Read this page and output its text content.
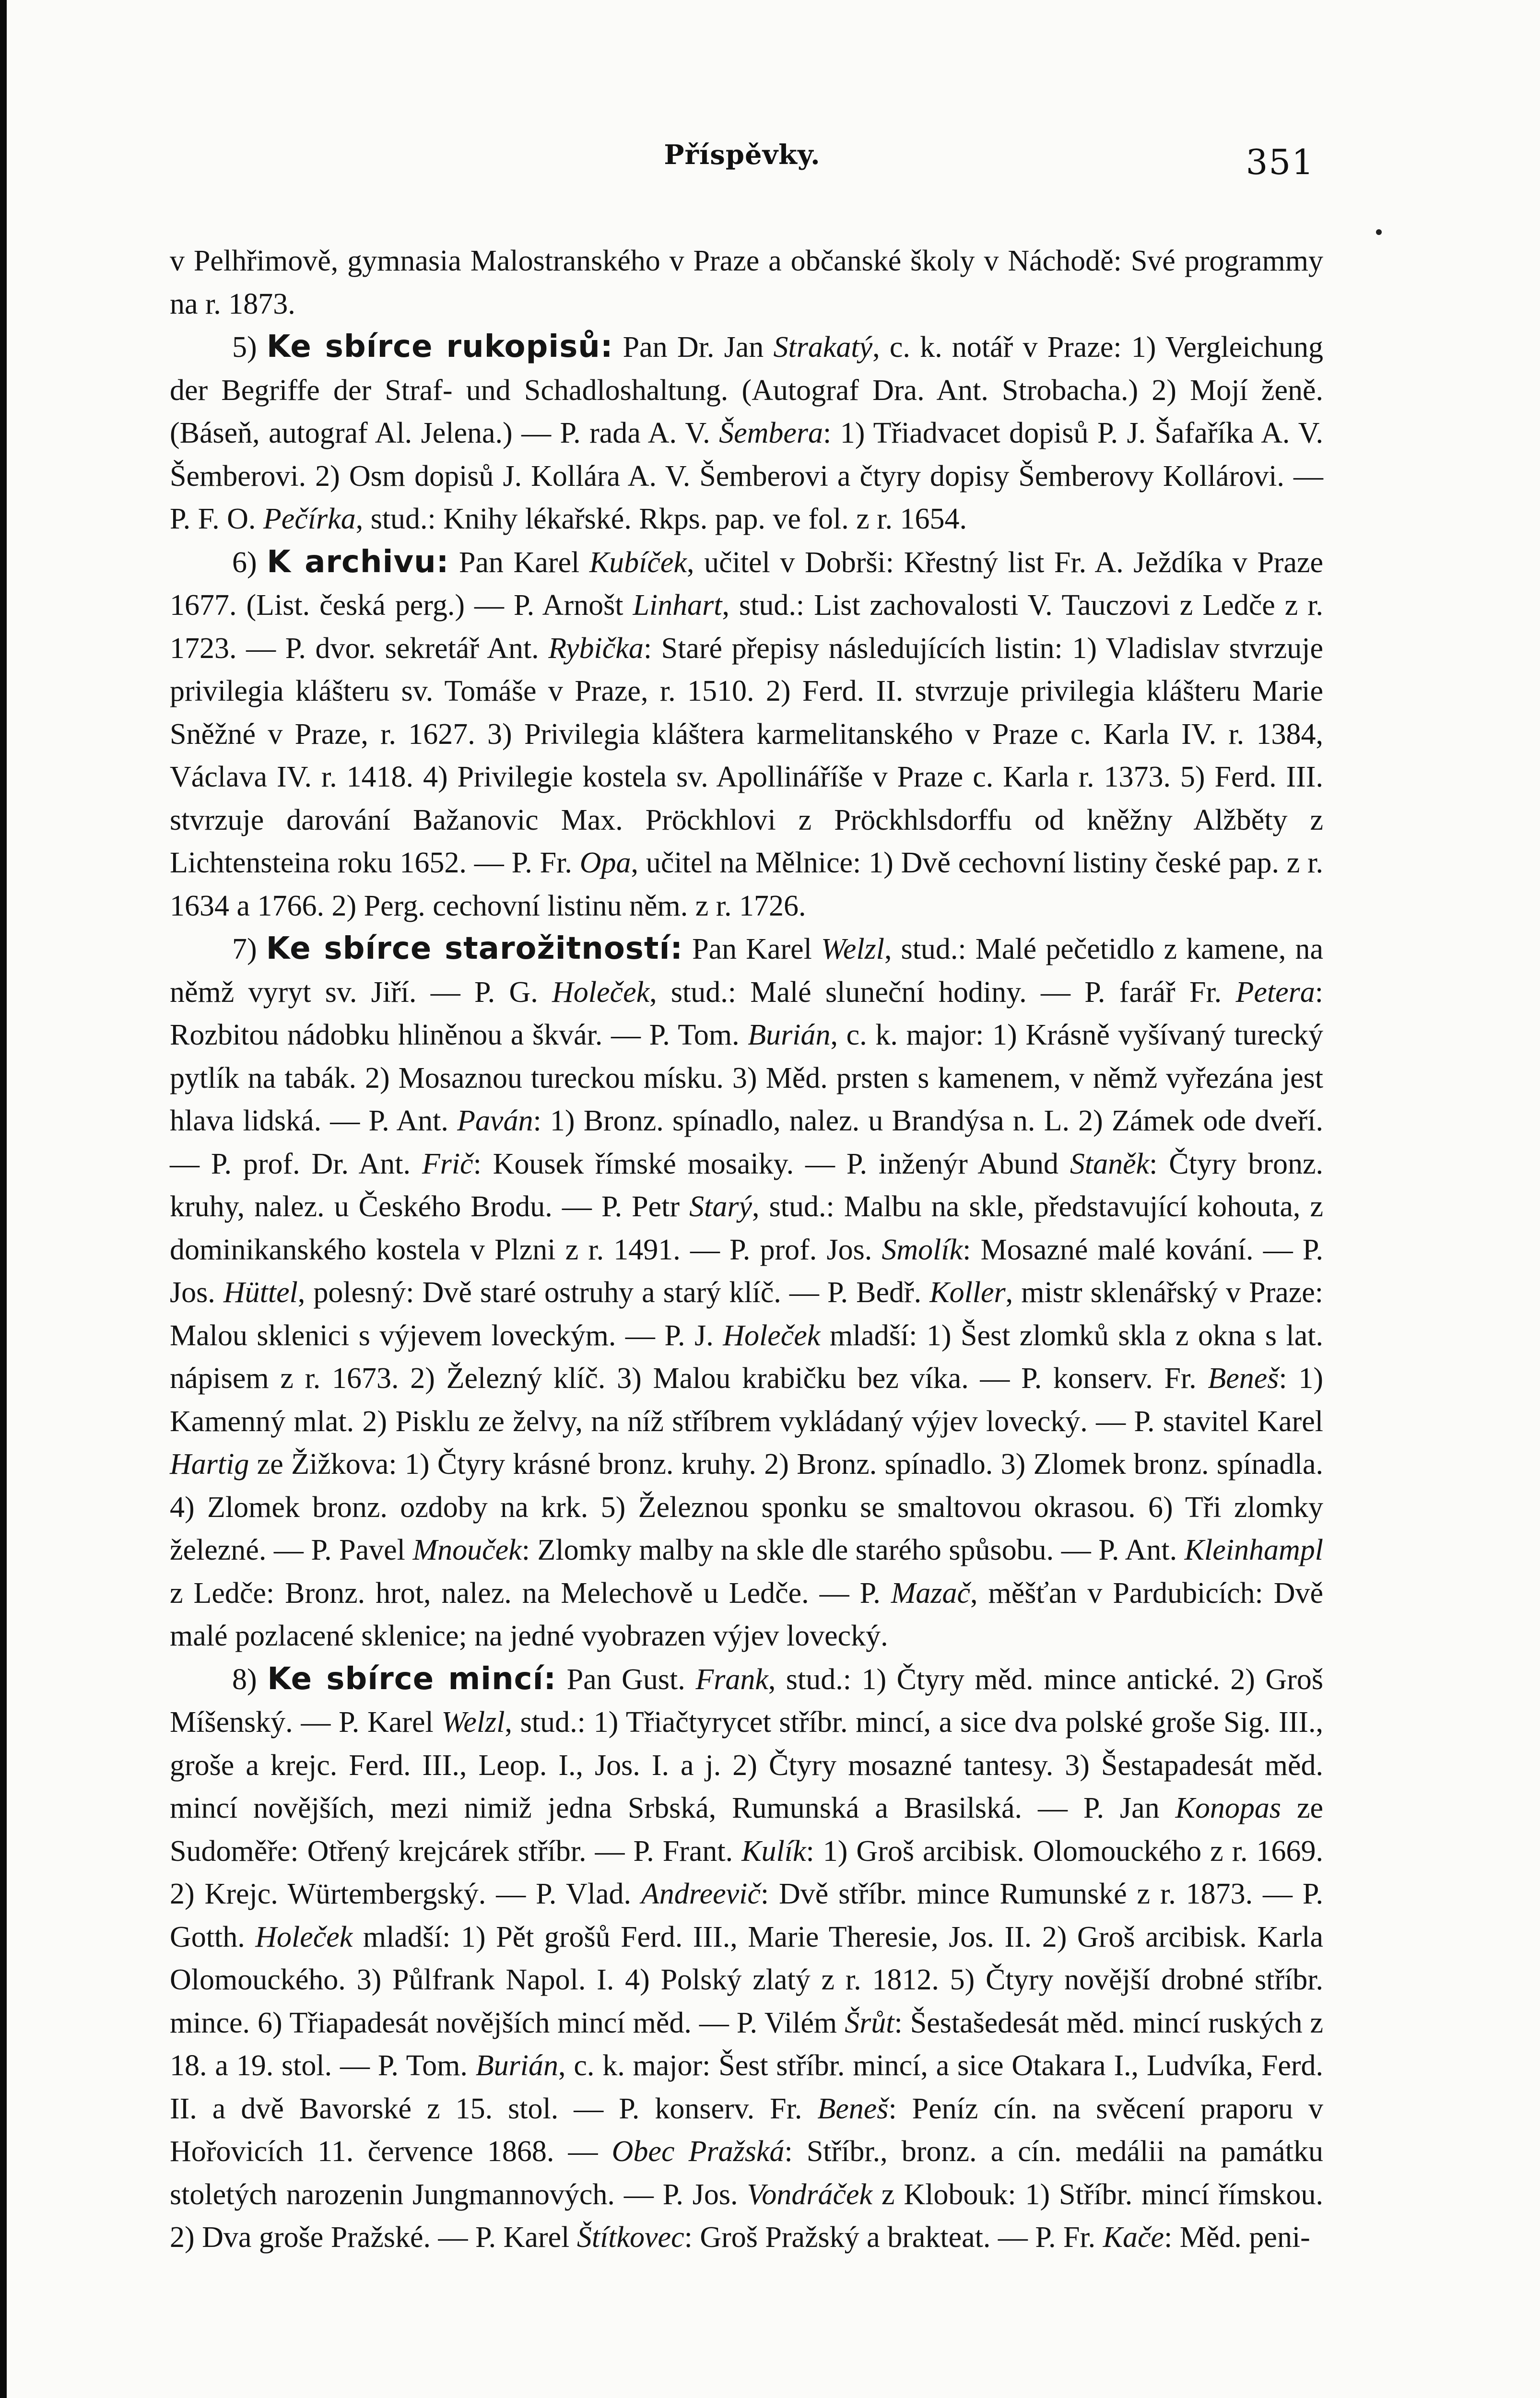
Příspěvky.	351

v Pelhřimově, gymnasia Malostranského v Praze a občanské školy v Náchodě: Své programmy na r. 1873.

5) Ke sbírce rukopisů: Pan Dr. Jan Strakatý, c. k. notář v Praze: 1) Vergleichung der Begriffe der Straf- und Schadloshaltung. (Autograf Dra. Ant. Strobacha.) 2) Mojí ženě. (Báseň, autograf Al. Jelena.) — P. rada A. V. Šembera: 1) Třiadvacet dopisů P. J. Šafaříka A. V. Šemberovi. 2) Osm dopisů J. Kollára A. V. Šemberovi a čtyry dopisy Šemberovy Kollárovi. — P. F. O. Pečírka, stud.: Knihy lékařské. Rkps. pap. ve fol. z r. 1654.

6) K archivu: Pan Karel Kubíček, učitel v Dobrši: Křestný list Fr. A. Ježdíka v Praze 1677. (List. česká perg.) — P. Arnošt Linhart, stud.: List zachovalosti V. Tauczovi z Ledče z r. 1723. — P. dvor. sekretář Ant. Rybička: Staré přepisy následujících listin: 1) Vladislav stvrzuje privilegia klášteru sv. Tomáše v Praze, r. 1510. 2) Ferd. II. stvrzuje privilegia klášteru Marie Sněžné v Praze, r. 1627. 3) Privilegia kláštera karmelitanského v Praze c. Karla IV. r. 1384, Václava IV. r. 1418. 4) Privilegie kostela sv. Apollináříše v Praze c. Karla r. 1373. 5) Ferd. III. stvrzuje darování Bažanovic Max. Pröckhlovi z Pröckhlsdorffu od kněžny Alžběty z Lichtensteina roku 1652. — P. Fr. Opa, učitel na Mělnice: 1) Dvě cechovní listiny české pap. z r. 1634 a 1766. 2) Perg. cechovní listinu něm. z r. 1726.

7) Ke sbírce starožitností: Pan Karel Welzl, stud.: Malé pečetidlo z kamene, na němž vyryt sv. Jiří. — P. G. Holeček, stud.: Malé sluneční hodiny. — P. farář Fr. Petera: Rozbitou nádobku hliněnou a škvár. — P. Tom. Burián, c. k. major: 1) Krásně vyšívaný turecký pytlík na tabák. 2) Mosaznou tureckou mísku. 3) Měd. prsten s kamenem, v němž vyřezána jest hlava lidská. — P. Ant. Paván: 1) Bronz. spínadlo, nalez. u Brandýsa n. L. 2) Zámek ode dveří. — P. prof. Dr. Ant. Frič: Kousek římské mosaiky. — P. inženýr Abund Staněk: Čtyry bronz. kruhy, nalez. u Českého Brodu. — P. Petr Starý, stud.: Malbu na skle, představující kohouta, z dominikanského kostela v Plzni z r. 1491. — P. prof. Jos. Smolík: Mosazné malé kování. — P. Jos. Hüttel, polesný: Dvě staré ostruhy a starý klíč. — P. Bedř. Koller, mistr sklenářský v Praze: Malou sklenici s výjevem loveckým. — P. J. Holeček mladší: 1) Šest zlomků skla z okna s lat. nápisem z r. 1673. 2) Železný klíč. 3) Malou krabičku bez víka. — P. konserv. Fr. Beneš: 1) Kamenný mlat. 2) Pisklu ze želvy, na níž stříbrem vykládaný výjev lovecký. — P. stavitel Karel Hartig ze Žižkova: 1) Čtyry krásné bronz. kruhy. 2) Bronz. spínadlo. 3) Zlomek bronz. spínadla. 4) Zlomek bronz. ozdoby na krk. 5) Železnou sponku se smaltovou okrasou. 6) Tři zlomky železné. — P. Pavel Mnouček: Zlomky malby na skle dle starého spůsobu. — P. Ant. Kleinhampl z Ledče: Bronz. hrot, nalez. na Melechově u Ledče. — P. Mazač, měšťan v Pardubicích: Dvě malé pozlacené sklenice; na jedné vyobrazen výjev lovecký.

8) Ke sbírce mincí: Pan Gust. Frank, stud.: 1) Čtyry měd. mince antické. 2) Groš Míšenský. — P. Karel Welzl, stud.: 1) Třiačtyrycet stříbr. mincí, a sice dva polské groše Sig. III., groše a krejc. Ferd. III., Leop. I., Jos. I. a j. 2) Čtyry mosazné tantesy. 3) Šestapadesát měd. mincí novějších, mezi nimiž jedna Srbská, Rumunská a Brasilská. — P. Jan Konopas ze Sudoměře: Otřený krejcárek stříbr. — P. Frant. Kulík: 1) Groš arcibisk. Olomouckého z r. 1669. 2) Krejc. Würtembergský. — P. Vlad. Andreevič: Dvě stříbr. mince Rumunské z r. 1873. — P. Gotth. Holeček mladší: 1) Pět grošů Ferd. III., Marie Theresie, Jos. II. 2) Groš arcibisk. Karla Olomouckého. 3) Půlfrank Napol. I. 4) Polský zlatý z r. 1812. 5) Čtyry novější drobné stříbr. mince. 6) Třiapadesát novějších mincí měd. — P. Vilém Šrůt: Šestašedesát měd. mincí ruských z 18. a 19. stol. — P. Tom. Burián, c. k. major: Šest stříbr. mincí, a sice Otakara I., Ludvíka, Ferd. II. a dvě Bavorské z 15. stol. — P. konserv. Fr. Beneš: Peníz cín. na svěcení praporu v Hořovicích 11. července 1868. — Obec Pražská: Stříbr., bronz. a cín. medálii na památku stoletých narozenin Jungmannových. — P. Jos. Vondráček z Klobouk: 1) Stříbr. mincí římskou. 2) Dva groše Pražské. — P. Karel Štítkovec: Groš Pražský a brakteat. — P. Fr. Kače: Měd. peni-
